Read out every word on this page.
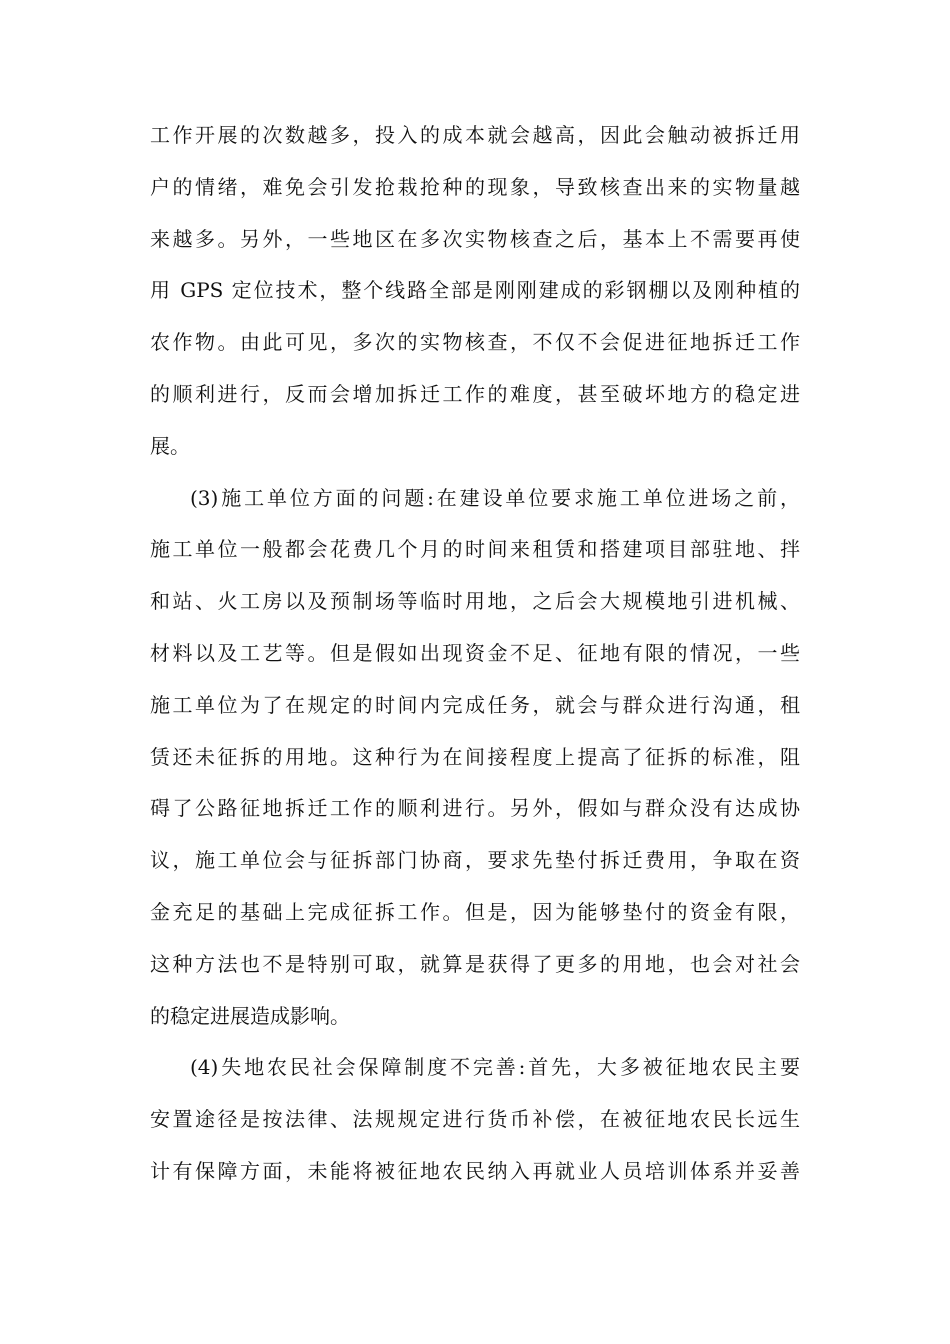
工作开展的次数越多，投入的成本就会越高，因此会触动被拆迁用
户的情绪，难免会引发抢栽抢种的现象，导致核查出来的实物量越
来越多。另外，一些地区在多次实物核查之后，基本上不需要再使
用 GPS 定位技术，整个线路全部是刚刚建成的彩钢棚以及刚种植的
农作物。由此可见，多次的实物核查，不仅不会促进征地拆迁工作
的顺利进行，反而会增加拆迁工作的难度，甚至破坏地方的稳定进
展。
(3)施工单位方面的问题:在建设单位要求施工单位进场之前，
施工单位一般都会花费几个月的时间来租赁和搭建项目部驻地、拌
和站、火工房以及预制场等临时用地，之后会大规模地引进机械、
材料以及工艺等。但是假如出现资金不足、征地有限的情况，一些
施工单位为了在规定的时间内完成任务，就会与群众进行沟通，租
赁还未征拆的用地。这种行为在间接程度上提高了征拆的标准，阻
碍了公路征地拆迁工作的顺利进行。另外，假如与群众没有达成协
议，施工单位会与征拆部门协商，要求先垫付拆迁费用，争取在资
金充足的基础上完成征拆工作。但是，因为能够垫付的资金有限，
这种方法也不是特别可取，就算是获得了更多的用地，也会对社会
的稳定进展造成影响。
(4)失地农民社会保障制度不完善:首先，大多被征地农民主要
安置途径是按法律、法规规定进行货币补偿，在被征地农民长远生
计有保障方面，未能将被征地农民纳入再就业人员培训体系并妥善
